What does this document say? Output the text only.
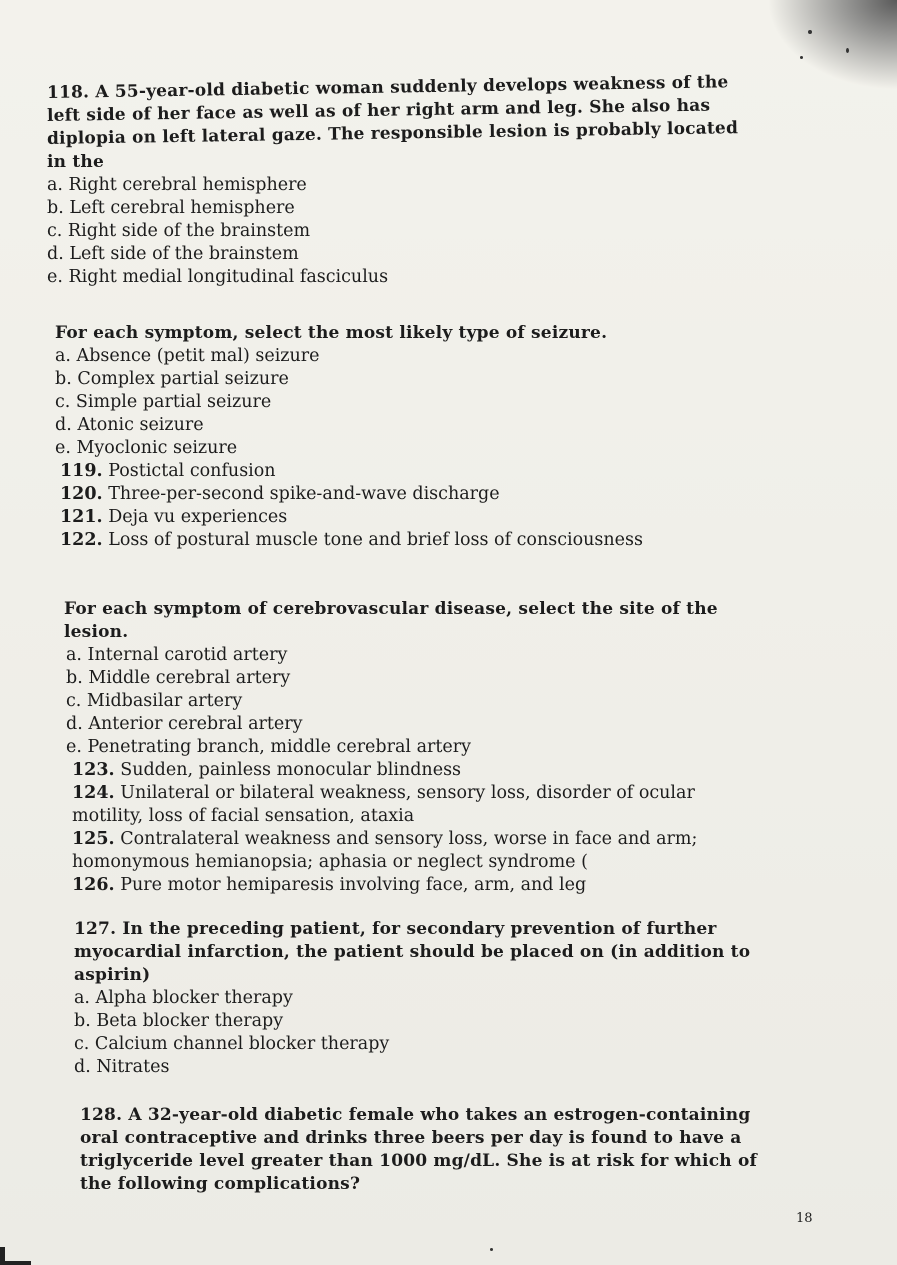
118. A 55-year-old diabetic woman suddenly develops weakness of the
left side of her face as well as of her right arm and leg. She also has
diplopia on left lateral gaze. The responsible lesion is probably located
in the
a. Right cerebral hemisphere
b. Left cerebral hemisphere
c. Right side of the brainstem
d. Left side of the brainstem
e. Right medial longitudinal fasciculus
For each symptom, select the most likely type of seizure.
a. Absence (petit mal) seizure
b. Complex partial seizure
c. Simple partial seizure
d. Atonic seizure
e. Myoclonic seizure
119. Postictal confusion
120. Three-per-second spike-and-wave discharge
121. Deja vu experiences
122. Loss of postural muscle tone and brief loss of consciousness
For each symptom of cerebrovascular disease, select the site of the
lesion.
a. Internal carotid artery
b. Middle cerebral artery
c. Midbasilar artery
d. Anterior cerebral artery
e. Penetrating branch, middle cerebral artery
123. Sudden, painless monocular blindness
124. Unilateral or bilateral weakness, sensory loss, disorder of ocular
motility, loss of facial sensation, ataxia
125. Contralateral weakness and sensory loss, worse in face and arm;
homonymous hemianopsia; aphasia or neglect syndrome (
126. Pure motor hemiparesis involving face, arm, and leg
127. In the preceding patient, for secondary prevention of further
myocardial infarction, the patient should be placed on (in addition to
aspirin)
a. Alpha blocker therapy
b. Beta blocker therapy
c. Calcium channel blocker therapy
d. Nitrates
128. A 32-year-old diabetic female who takes an estrogen-containing
oral contraceptive and drinks three beers per day is found to have a
triglyceride level greater than 1000 mg/dL. She is at risk for which of
the following complications?
18
